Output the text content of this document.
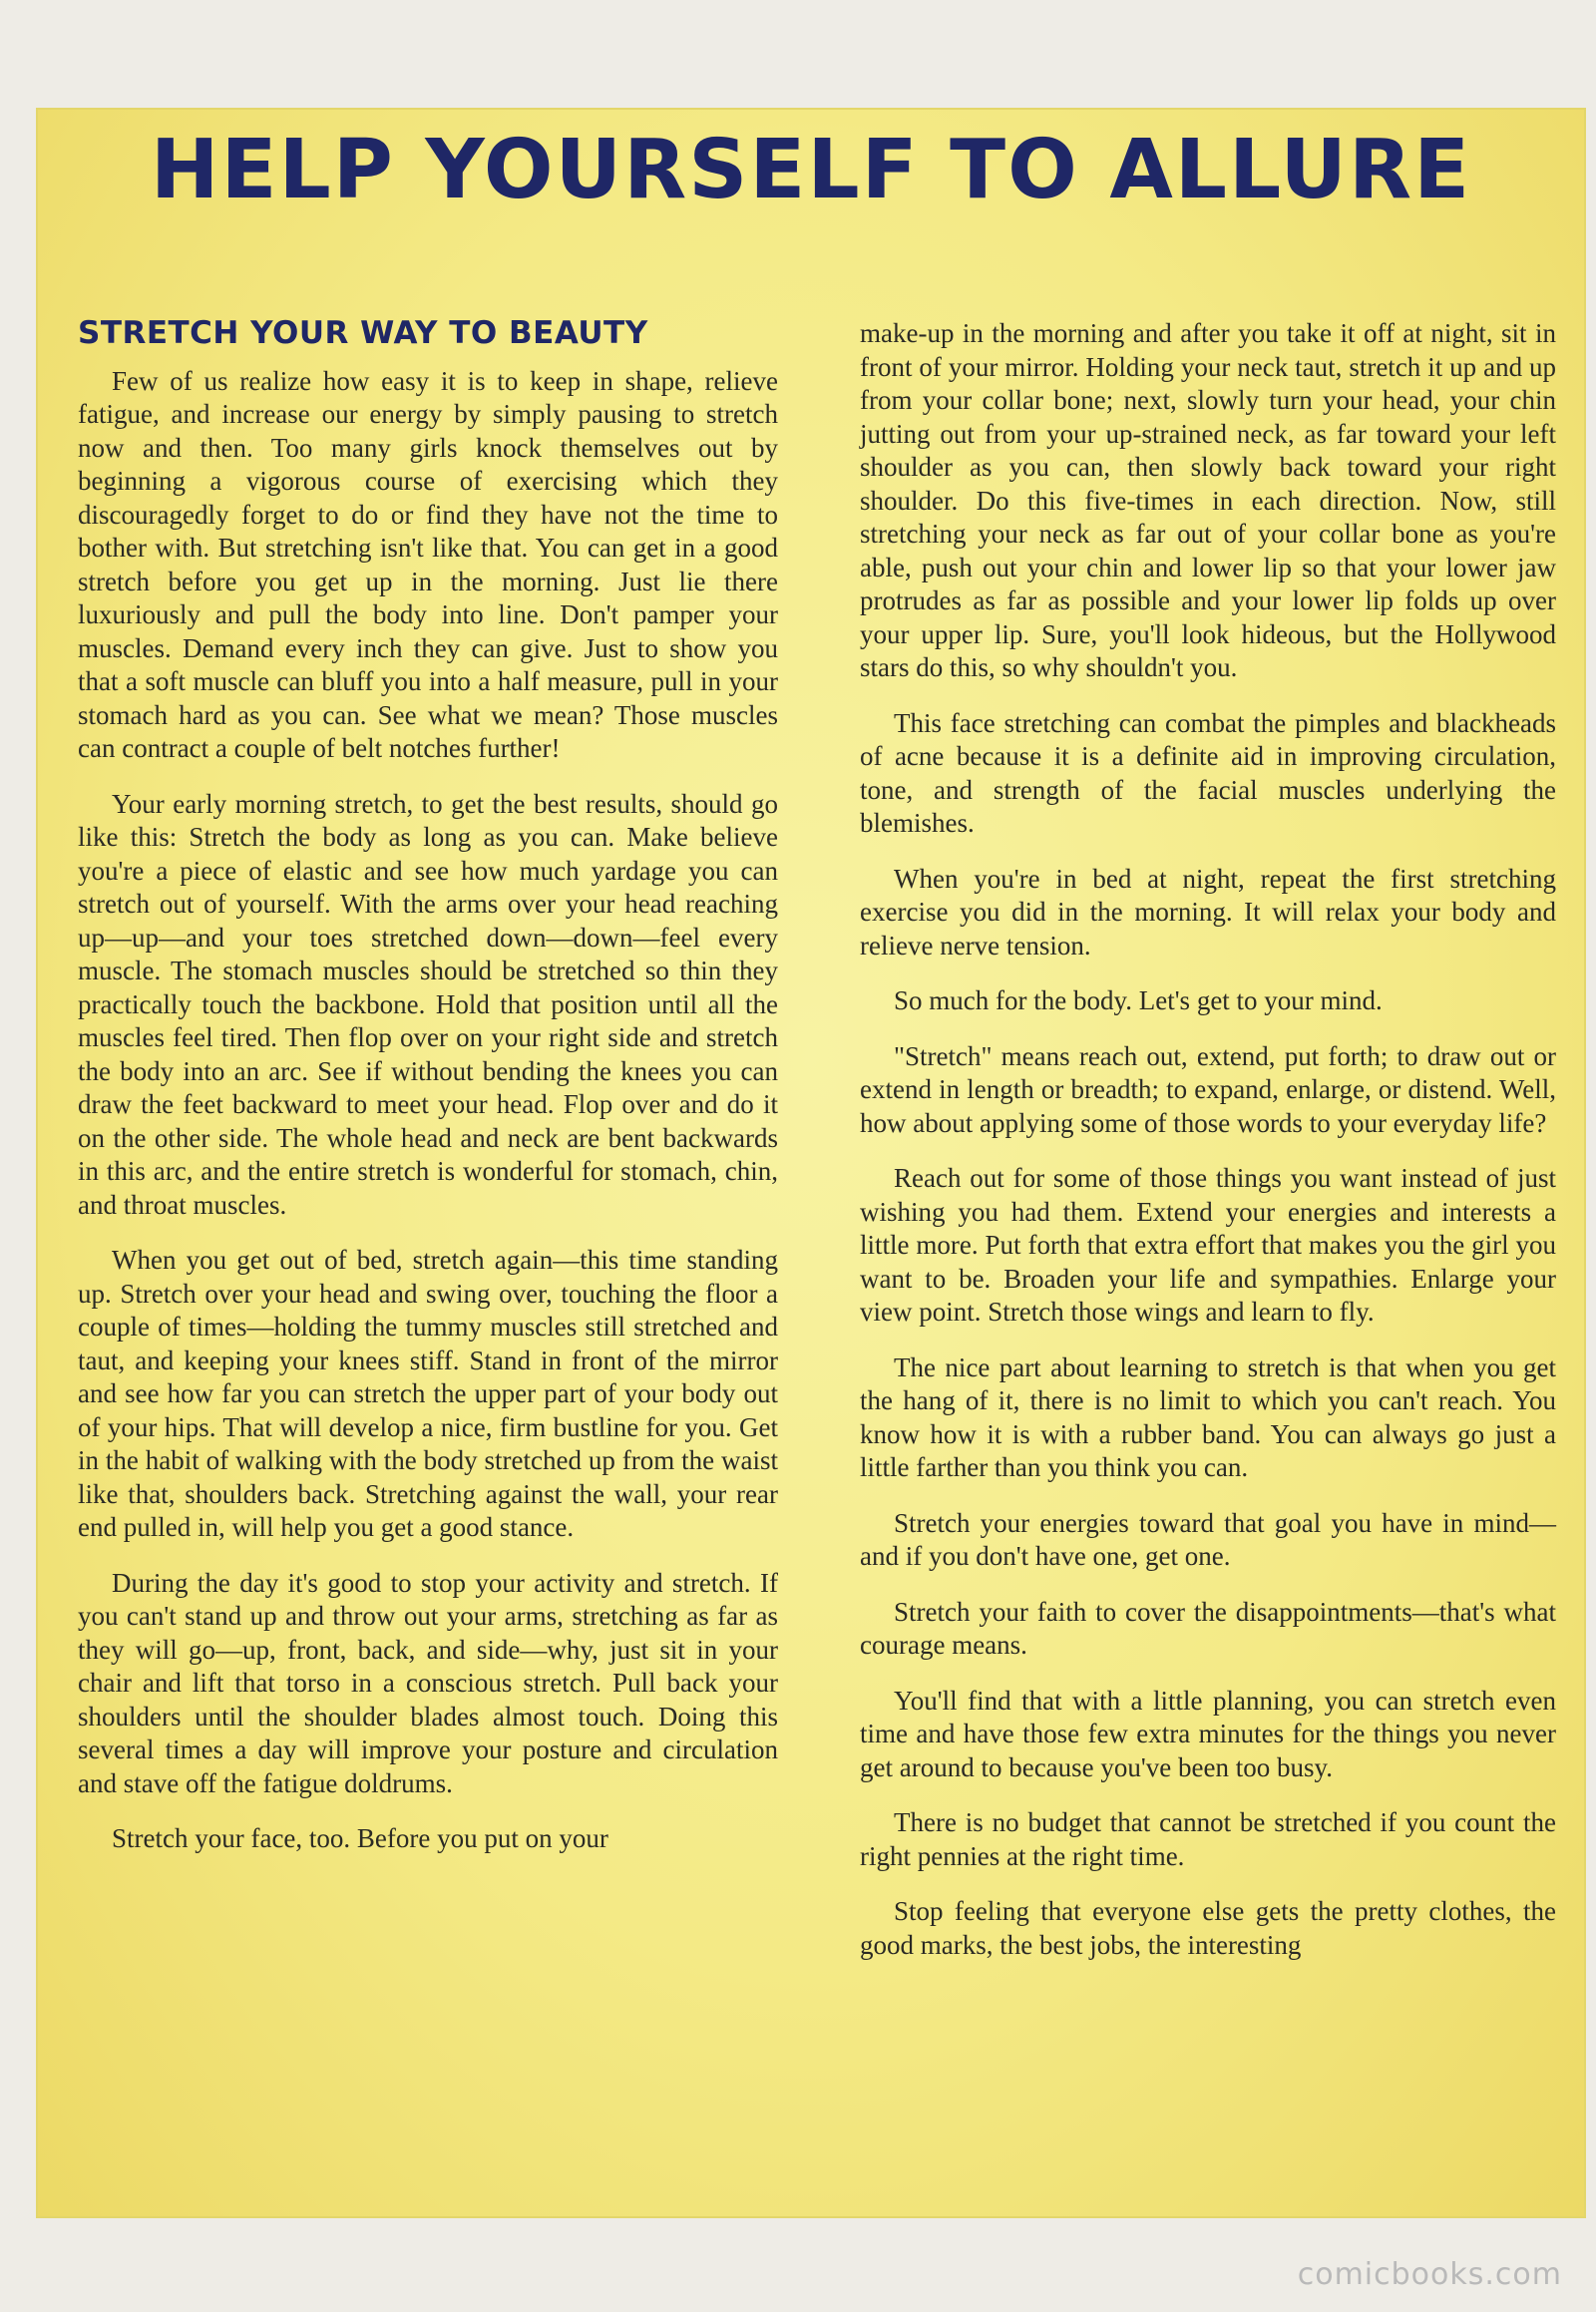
HELP YOURSELF TO ALLURE
STRETCH YOUR WAY TO BEAUTY

Few of us realize how easy it is to keep in shape, relieve fatigue, and increase our energy by simply pausing to stretch now and then. Too many girls knock themselves out by beginning a vigorous course of exercising which they discouragedly forget to do or find they have not the time to bother with. But stretching isn't like that. You can get in a good stretch before you get up in the morning. Just lie there luxuriously and pull the body into line. Don't pamper your muscles. Demand every inch they can give. Just to show you that a soft muscle can bluff you into a half measure, pull in your stomach hard as you can. See what we mean? Those muscles can contract a couple of belt notches further!

Your early morning stretch, to get the best results, should go like this: Stretch the body as long as you can. Make believe you're a piece of elastic and see how much yardage you can stretch out of yourself. With the arms over your head reaching up—up—and your toes stretched down—down—feel every muscle. The stomach muscles should be stretched so thin they practically touch the backbone. Hold that position until all the muscles feel tired. Then flop over on your right side and stretch the body into an arc. See if without bending the knees you can draw the feet backward to meet your head. Flop over and do it on the other side. The whole head and neck are bent backwards in this arc, and the entire stretch is wonderful for stomach, chin, and throat muscles.

When you get out of bed, stretch again—this time standing up. Stretch over your head and swing over, touching the floor a couple of times—holding the tummy muscles still stretched and taut, and keeping your knees stiff. Stand in front of the mirror and see how far you can stretch the upper part of your body out of your hips. That will develop a nice, firm bustline for you. Get in the habit of walking with the body stretched up from the waist like that, shoulders back. Stretching against the wall, your rear end pulled in, will help you get a good stance.

During the day it's good to stop your activity and stretch. If you can't stand up and throw out your arms, stretching as far as they will go—up, front, back, and side—why, just sit in your chair and lift that torso in a conscious stretch. Pull back your shoulders until the shoulder blades almost touch. Doing this several times a day will improve your posture and circulation and stave off the fatigue doldrums.

Stretch your face, too. Before you put on your

make-up in the morning and after you take it off at night, sit in front of your mirror. Holding your neck taut, stretch it up and up from your collar bone; next, slowly turn your head, your chin jutting out from your up-strained neck, as far toward your left shoulder as you can, then slowly back toward your right shoulder. Do this five-times in each direction. Now, still stretching your neck as far out of your collar bone as you're able, push out your chin and lower lip so that your lower jaw protrudes as far as possible and your lower lip folds up over your upper lip. Sure, you'll look hideous, but the Hollywood stars do this, so why shouldn't you.

This face stretching can combat the pimples and blackheads of acne because it is a definite aid in improving circulation, tone, and strength of the facial muscles underlying the blemishes.

When you're in bed at night, repeat the first stretching exercise you did in the morning. It will relax your body and relieve nerve tension.

So much for the body. Let's get to your mind.

"Stretch" means reach out, extend, put forth; to draw out or extend in length or breadth; to expand, enlarge, or distend. Well, how about applying some of those words to your everyday life?

Reach out for some of those things you want instead of just wishing you had them. Extend your energies and interests a little more. Put forth that extra effort that makes you the girl you want to be. Broaden your life and sympathies. Enlarge your view point. Stretch those wings and learn to fly.

The nice part about learning to stretch is that when you get the hang of it, there is no limit to which you can't reach. You know how it is with a rubber band. You can always go just a little farther than you think you can.

Stretch your energies toward that goal you have in mind—and if you don't have one, get one.

Stretch your faith to cover the disappointments—that's what courage means.

You'll find that with a little planning, you can stretch even time and have those few extra minutes for the things you never get around to because you've been too busy.

There is no budget that cannot be stretched if you count the right pennies at the right time.

Stop feeling that everyone else gets the pretty clothes, the good marks, the best jobs, the interesting

comicbooks.com
